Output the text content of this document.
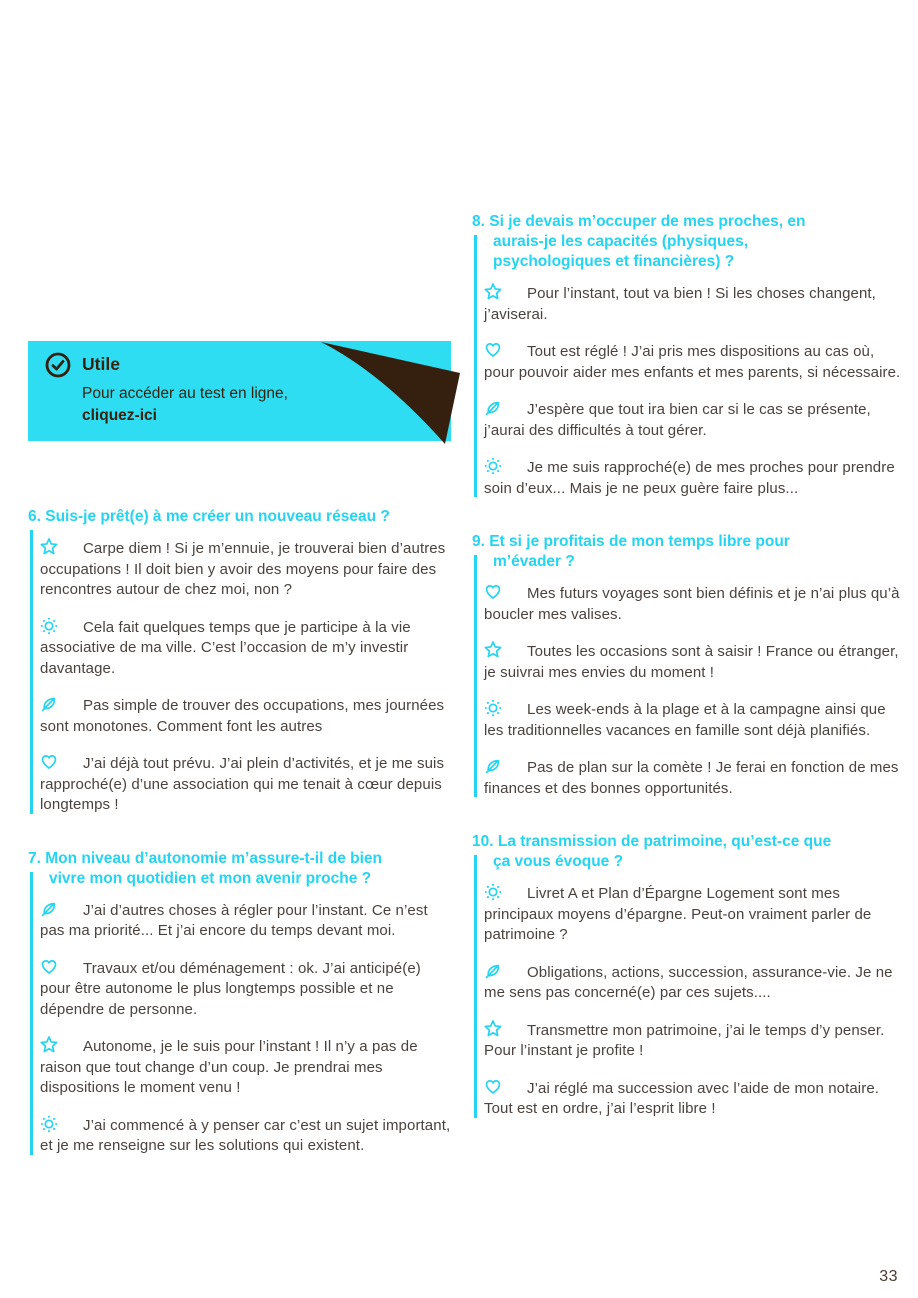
Utile

Pour accéder au test en ligne,

cliquez-ici

6. Suis-je prêt(e) à me créer un nouveau réseau ?

Carpe diem ! Si je m’ennuie, je trouverai bien d’autres occupations ! Il doit bien y avoir des moyens pour faire des rencontres autour de chez moi, non ?

Cela fait quelques temps que je participe à la vie associative de ma ville. C’est l’occasion de m’y investir davantage.

Pas simple de trouver des occupations, mes journées sont monotones. Comment font les autres

J’ai déjà tout prévu. J’ai plein d’activités, et je me suis rapproché(e) d’une association qui me tenait à cœur depuis longtemps !

7. Mon niveau d’autonomie m’assure-t-il de bien vivre mon quotidien et mon avenir proche ?

J’ai d’autres choses à régler pour l’instant. Ce n’est pas ma priorité... Et j’ai encore du temps devant moi.

Travaux et/ou déménagement : ok. J’ai anticipé(e) pour être autonome le plus longtemps possible et ne dépendre de personne.

Autonome, je le suis pour l’instant ! Il n’y a pas de raison que tout change d’un coup. Je prendrai mes dispositions le moment venu !

J’ai commencé à y penser car c’est un sujet important, et je me renseigne sur les solutions qui existent.

8. Si je devais m’occuper de mes proches, en aurais-je les capacités (physiques, psychologiques et financières) ?

Pour l’instant, tout va bien ! Si les choses changent, j’aviserai.

Tout est réglé ! J’ai pris mes dispositions au cas où, pour pouvoir aider mes enfants et mes parents, si nécessaire.

J’espère que tout ira bien car si le cas se présente, j’aurai des difficultés à tout gérer.

Je me suis rapproché(e) de mes proches pour prendre soin d’eux... Mais je ne peux guère faire plus...

9. Et si je profitais de mon temps libre pour m’évader ?

Mes futurs voyages sont bien définis et je n’ai plus qu’à boucler mes valises.

Toutes les occasions sont à saisir ! France ou étranger, je suivrai mes envies du moment !

Les week-ends à la plage et à la campagne ainsi que les traditionnelles vacances en famille sont déjà planifiés.

Pas de plan sur la comète ! Je ferai en fonction de mes finances et des bonnes opportunités.

10. La transmission de patrimoine, qu’est-ce que ça vous évoque ?

Livret A et Plan d’Épargne Logement sont mes principaux moyens d’épargne. Peut-on vraiment parler de patrimoine ?

Obligations, actions, succession, assurance-vie. Je ne me sens pas concerné(e) par ces sujets....

Transmettre mon patrimoine, j’ai le temps d’y penser. Pour l’instant je profite !

J’ai réglé ma succession avec l’aide de mon notaire. Tout est en ordre, j’ai l’esprit libre !

33
